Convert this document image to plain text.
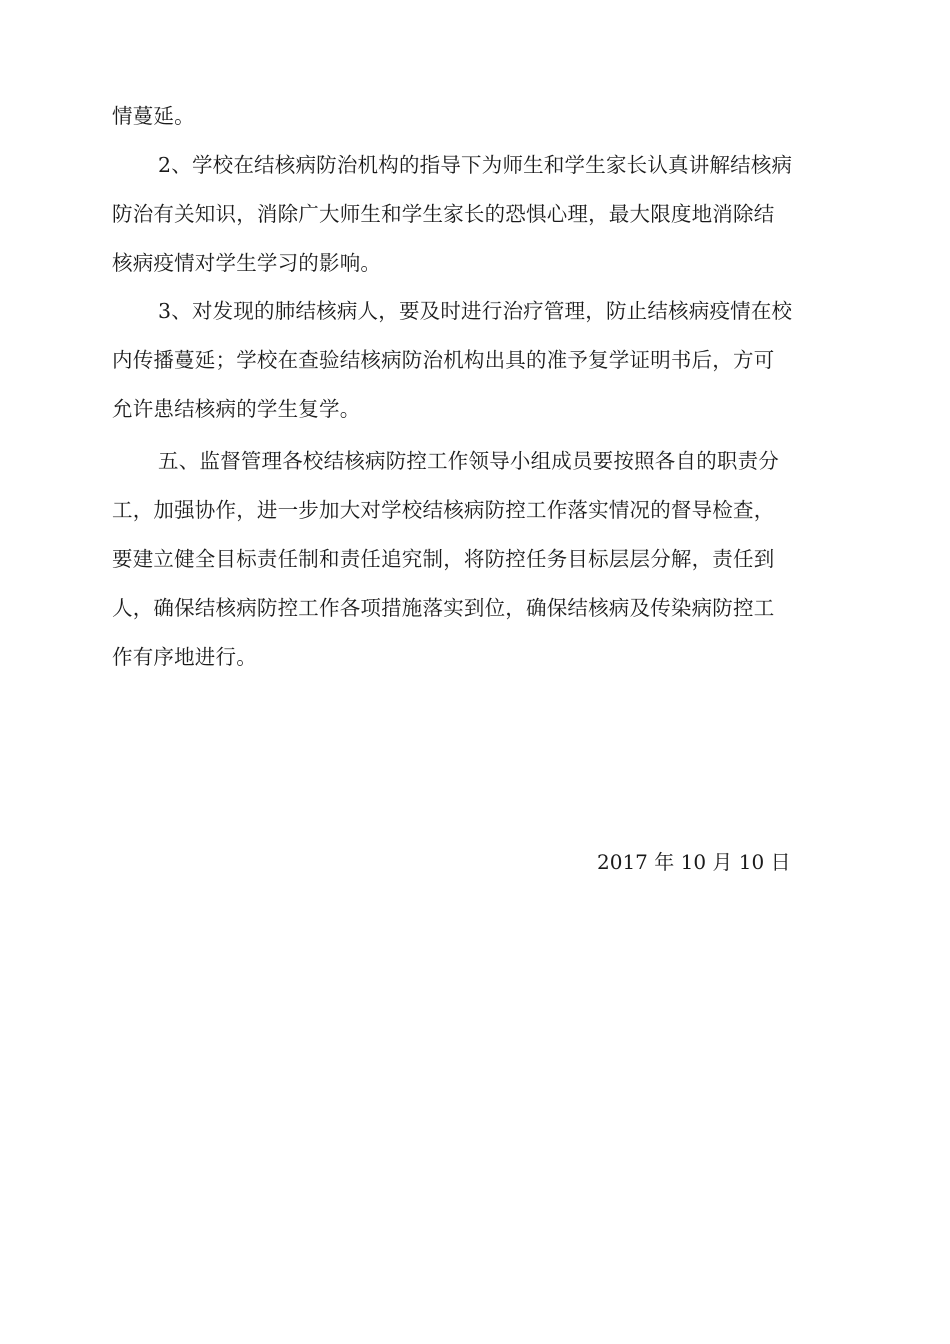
情蔓延。
2、学校在结核病防治机构的指导下为师生和学生家长认真讲解结核病
防治有关知识，消除广大师生和学生家长的恐惧心理，最大限度地消除结
核病疫情对学生学习的影响。
3、对发现的肺结核病人，要及时进行治疗管理，防止结核病疫情在校
内传播蔓延；学校在查验结核病防治机构出具的准予复学证明书后，方可
允许患结核病的学生复学。
五、监督管理各校结核病防控工作领导小组成员要按照各自的职责分
工，加强协作，进一步加大对学校结核病防控工作落实情况的督导检查，
要建立健全目标责任制和责任追究制，将防控任务目标层层分解，责任到
人，确保结核病防控工作各项措施落实到位，确保结核病及传染病防控工
作有序地进行。
2017 年 10 月 10 日
